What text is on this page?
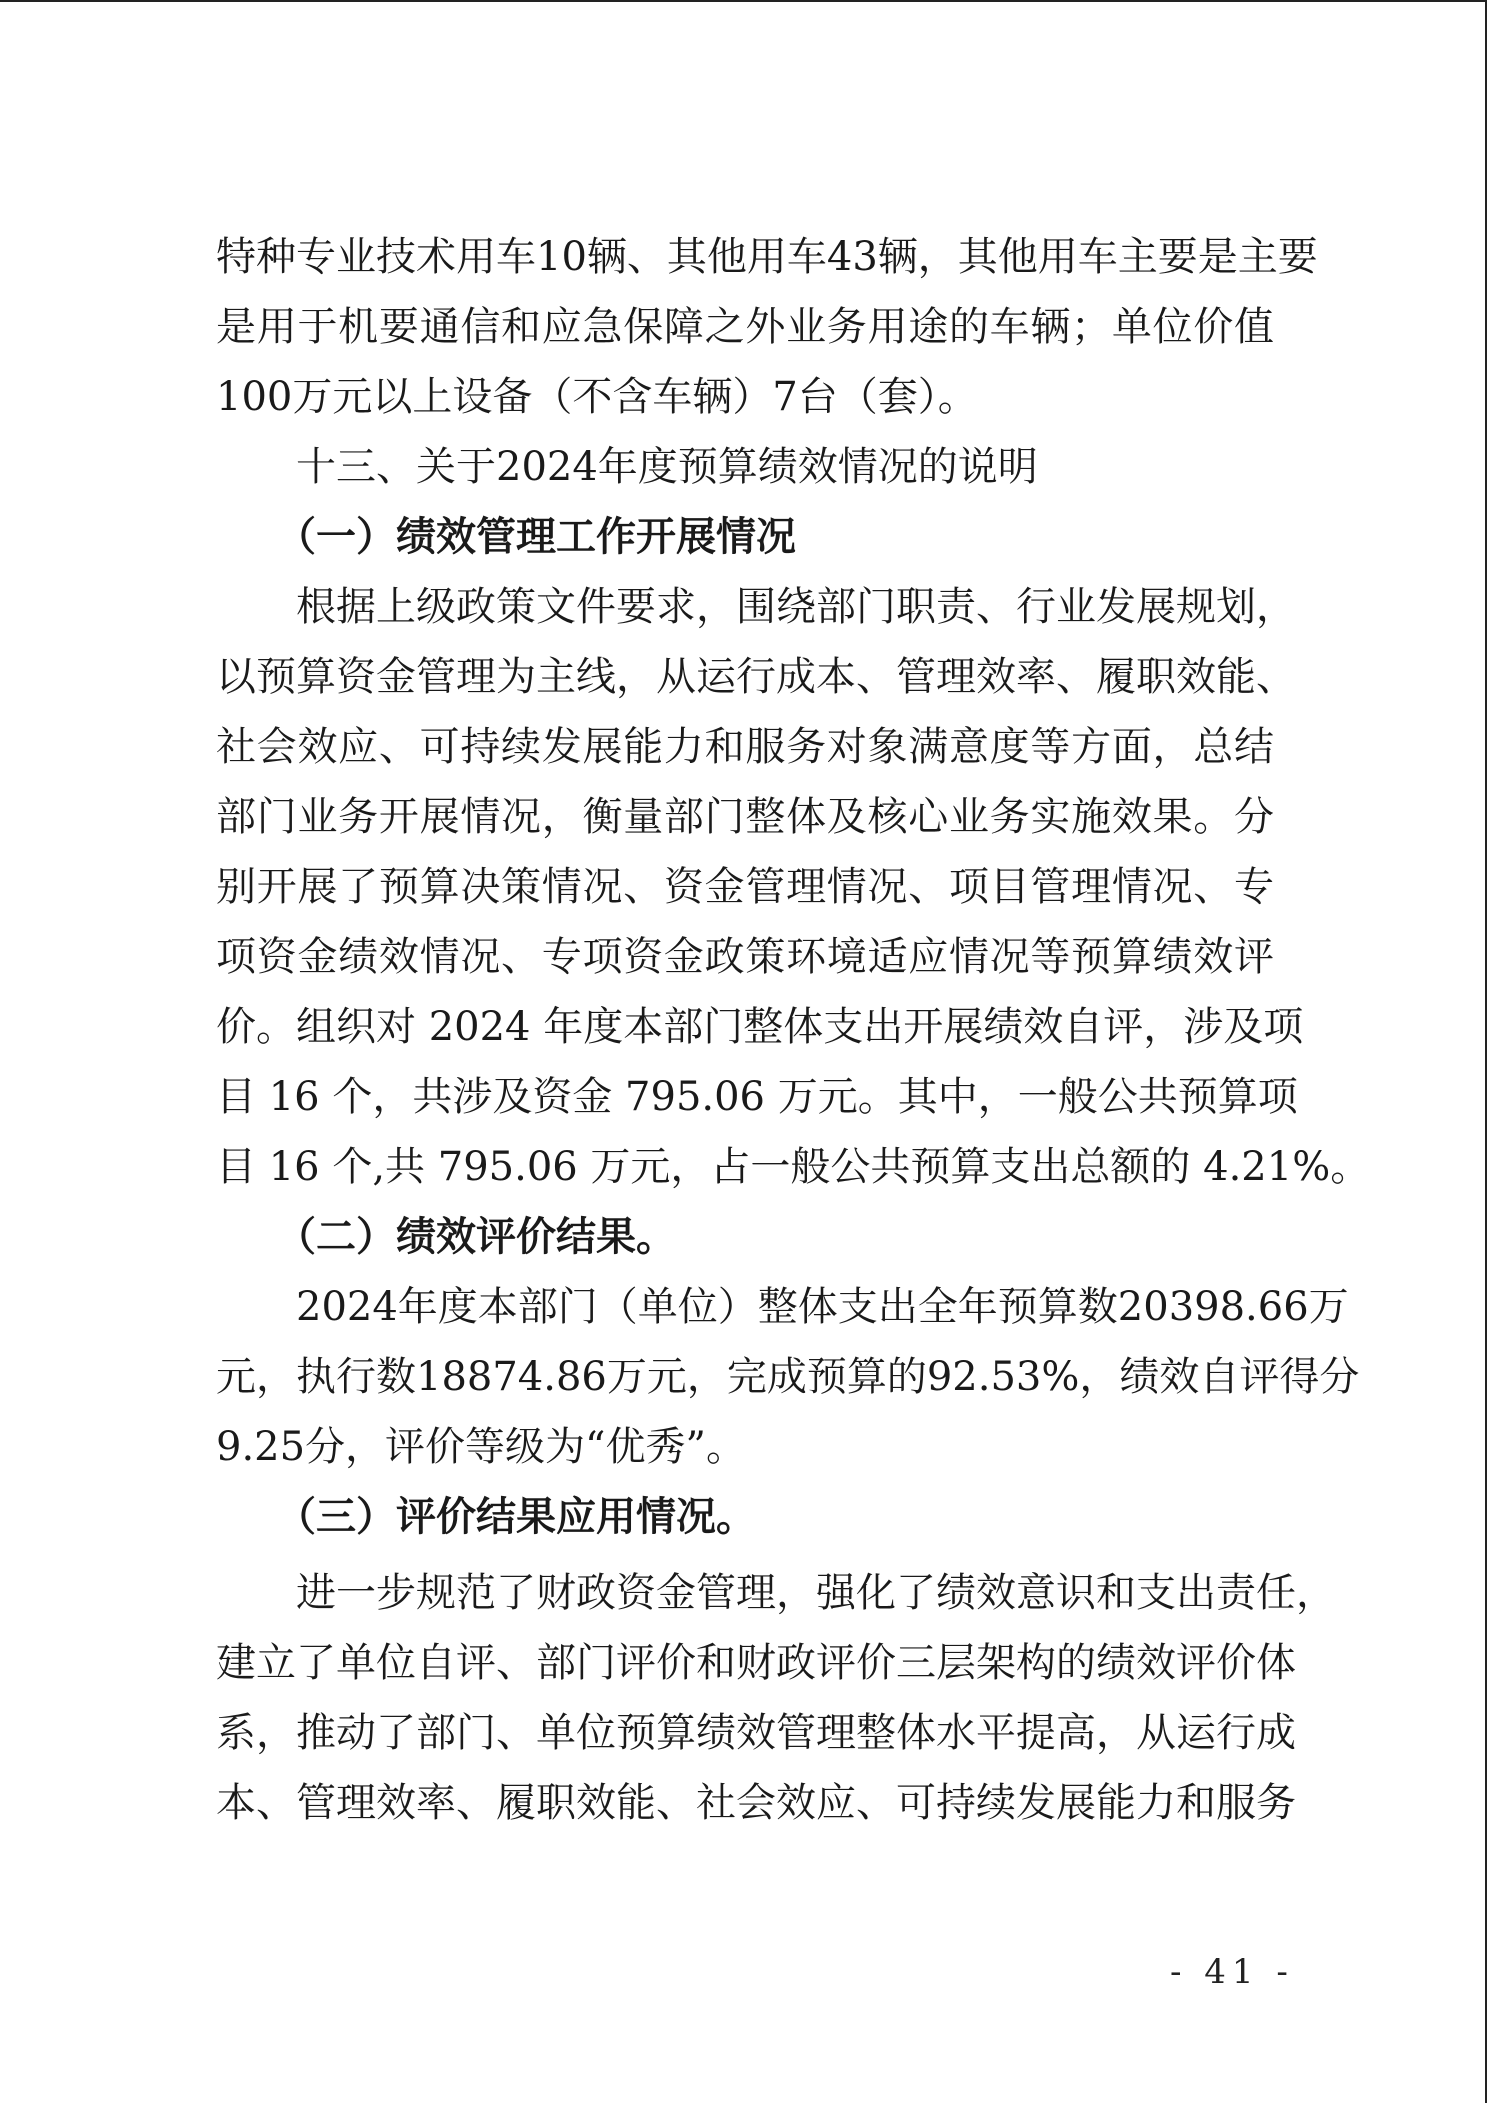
特种专业技术用车10辆、其他用车43辆，其他用车主要是主要
是用于机要通信和应急保障之外业务用途的车辆；单位价值
100万元以上设备（不含车辆）7台（套）。
十三、关于2024年度预算绩效情况的说明
（一）绩效管理工作开展情况
根据上级政策文件要求，围绕部门职责、行业发展规划，
以预算资金管理为主线，从运行成本、管理效率、履职效能、
社会效应、可持续发展能力和服务对象满意度等方面，总结
部门业务开展情况，衡量部门整体及核心业务实施效果。分
别开展了预算决策情况、资金管理情况、项目管理情况、专
项资金绩效情况、专项资金政策环境适应情况等预算绩效评
价。组织对 2024 年度本部门整体支出开展绩效自评，涉及项
目 16 个，共涉及资金 795.06 万元。其中，一般公共预算项
目 16 个,共 795.06 万元，占一般公共预算支出总额的 4.21%。
（二）绩效评价结果。
2024年度本部门（单位）整体支出全年预算数20398.66万
元，执行数18874.86万元，完成预算的92.53%，绩效自评得分
9.25分，评价等级为“优秀”。
（三）评价结果应用情况。
进一步规范了财政资金管理，强化了绩效意识和支出责任，
建立了单位自评、部门评价和财政评价三层架构的绩效评价体
系，推动了部门、单位预算绩效管理整体水平提高，从运行成
本、管理效率、履职效能、社会效应、可持续发展能力和服务
- 41 -
